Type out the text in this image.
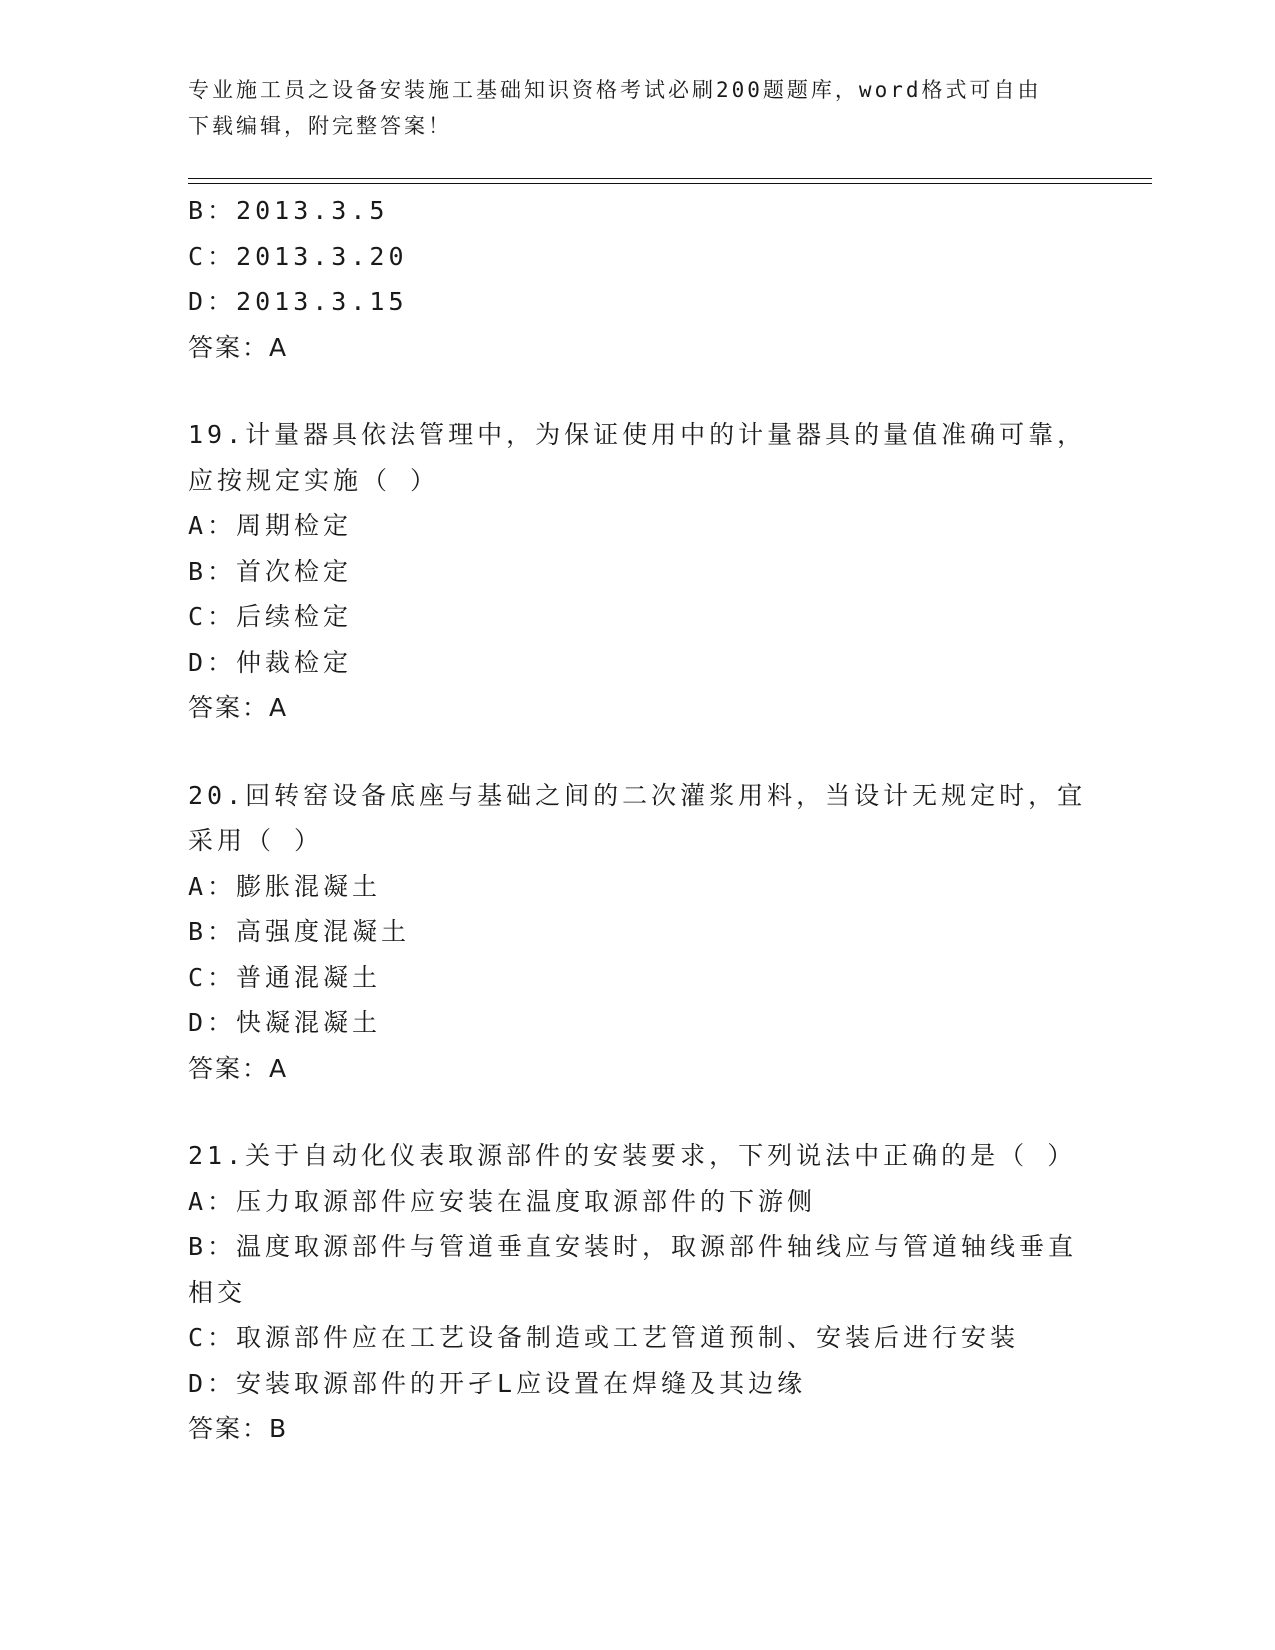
专业施工员之设备安装施工基础知识资格考试必刷200题题库，word格式可自由
下载编辑，附完整答案！
B：2013.3.5
C：2013.3.20
D：2013.3.15
答案：A
19.计量器具依法管理中，为保证使用中的计量器具的量值准确可靠，
应按规定实施（ ）
A：周期检定
B：首次检定
C：后续检定
D：仲裁检定
答案：A
20.回转窑设备底座与基础之间的二次灌浆用料，当设计无规定时，宜
采用（ ）
A：膨胀混凝土
B：高强度混凝土
C：普通混凝土
D：快凝混凝土
答案：A
21.关于自动化仪表取源部件的安装要求，下列说法中正确的是（ ）
A：压力取源部件应安装在温度取源部件的下游侧
B：温度取源部件与管道垂直安装时，取源部件轴线应与管道轴线垂直
相交
C：取源部件应在工艺设备制造或工艺管道预制、安装后进行安装
D：安装取源部件的开孑L应设置在焊缝及其边缘
答案：B
